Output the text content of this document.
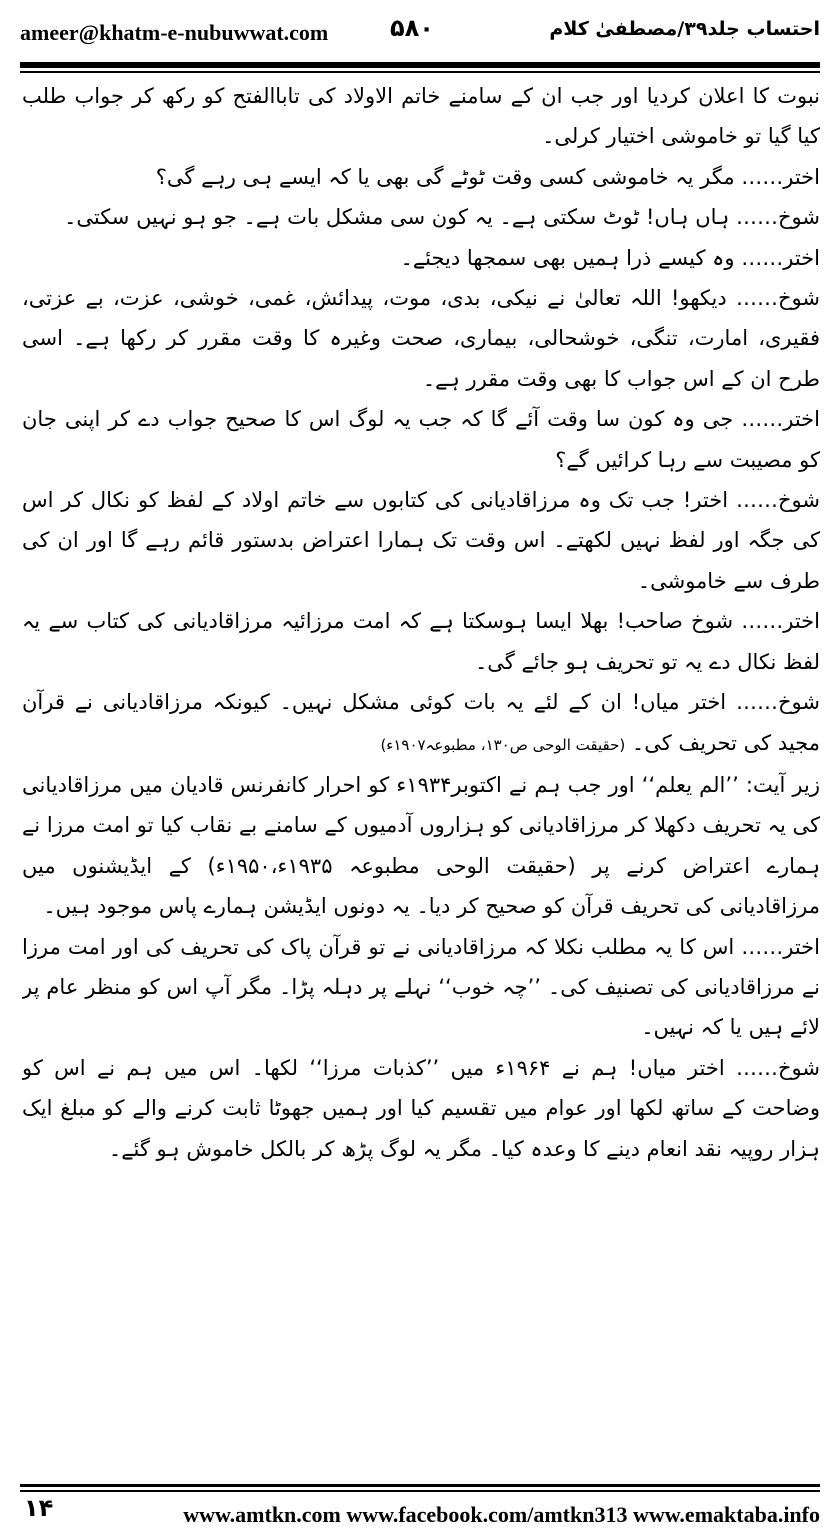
ameer@khatm-e-nubuwwat.com	۵۸۰	احتساب جلد۳۹/مصطفیٰ کلام

نبوت کا اعلان کردیا اور جب ان کے سامنے خاتم الاولاد کی تاباالفتح کو رکھ کر جواب طلب کیا گیا تو خاموشی اختیار کرلی۔

اختر…… مگر یہ خاموشی کسی وقت ٹوٹے گی بھی یا کہ ایسے ہی رہے گی؟

شوخ…… ہاں ہاں! ٹوٹ سکتی ہے۔ یہ کون سی مشکل بات ہے۔ جو ہو نہیں سکتی۔

اختر…… وہ کیسے ذرا ہمیں بھی سمجھا دیجئے۔

شوخ…… دیکھو! اللہ تعالیٰ نے نیکی، بدی، موت، پیدائش، غمی، خوشی، عزت، بے عزتی، فقیری، امارت، تنگی، خوشحالی، بیماری، صحت وغیرہ کا وقت مقرر کر رکھا ہے۔ اسی طرح ان کے اس جواب کا بھی وقت مقرر ہے۔

اختر…… جی وہ کون سا وقت آئے گا کہ جب یہ لوگ اس کا صحیح جواب دے کر اپنی جان کو مصیبت سے رہا کرائیں گے؟

شوخ…… اختر! جب تک وہ مرزاقادیانی کی کتابوں سے خاتم اولاد کے لفظ کو نکال کر اس کی جگہ اور لفظ نہیں لکھتے۔ اس وقت تک ہمارا اعتراض بدستور قائم رہے گا اور ان کی طرف سے خاموشی۔

اختر…… شوخ صاحب! بھلا ایسا ہوسکتا ہے کہ امت مرزائیہ مرزاقادیانی کی کتاب سے یہ لفظ نکال دے یہ تو تحریف ہو جائے گی۔

شوخ…… اختر میاں! ان کے لئے یہ بات کوئی مشکل نہیں۔ کیونکہ مرزاقادیانی نے قرآن مجید کی تحریف کی۔ (حقیقت الوحی ص۱۳۰، مطبوعہ۱۹۰۷ء)

زیر آیت: ’’الم یعلم‘‘ اور جب ہم نے اکتوبر۱۹۳۴ء کو احرار کانفرنس قادیان میں مرزاقادیانی کی یہ تحریف دکھلا کر مرزاقادیانی کو ہزاروں آدمیوں کے سامنے بے نقاب کیا تو امت مرزا نے ہمارے اعتراض کرنے پر (حقیقت الوحی مطبوعہ ۱۹۳۵ء،۱۹۵۰ء) کے ایڈیشنوں میں مرزاقادیانی کی تحریف قرآن کو صحیح کر دیا۔ یہ دونوں ایڈیشن ہمارے پاس موجود ہیں۔

اختر…… اس کا یہ مطلب نکلا کہ مرزاقادیانی نے تو قرآن پاک کی تحریف کی اور امت مرزا نے مرزاقادیانی کی تصنیف کی۔ ’’چہ خوب‘‘ نہلے پر دہلہ پڑا۔ مگر آپ اس کو منظر عام پر لائے ہیں یا کہ نہیں۔

شوخ…… اختر میاں! ہم نے ۱۹۶۴ء میں ’’کذبات مرزا‘‘ لکھا۔ اس میں ہم نے اس کو وضاحت کے ساتھ لکھا اور عوام میں تقسیم کیا اور ہمیں جھوٹا ثابت کرنے والے کو مبلغ ایک ہزار روپیہ نقد انعام دینے کا وعدہ کیا۔ مگر یہ لوگ پڑھ کر بالکل خاموش ہو گئے۔

۱۴	www.amtkn.com www.facebook.com/amtkn313 www.emaktaba.info
